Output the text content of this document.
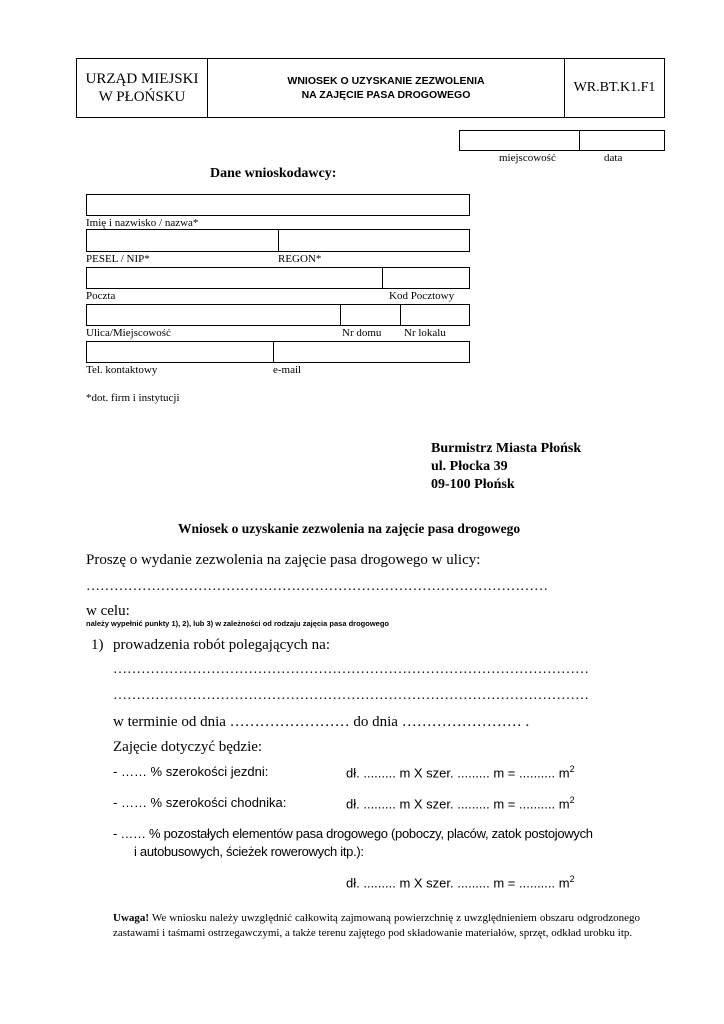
URZĄD MIEJSKI
W PŁOŃSKU
WNIOSEK O UZYSKANIE ZEZWOLENIA
NA ZAJĘCIE PASA DROGOWEGO	WR.BT.K1.F1
miejscowość	data
Dane wnioskodawcy:
Imię i nazwisko / nazwa*
PESEL / NIP*	REGON*
Poczta	Kod Pocztowy
Ulica/Miejscowość	Nr domu Nr lokalu
Tel. kontaktowy	e-mail
*dot. firm i instytucji
Burmistrz Miasta Płońsk
ul. Płocka 39
09-100 Płońsk
Wniosek o uzyskanie zezwolenia na zajęcie pasa drogowego
Proszę o wydanie zezwolenia na zajęcie pasa drogowego w ulicy:
………………………………………………………………………………………
w celu:
należy wypełnić punkty 1), 2), lub 3) w zależności od rodzaju zajęcia pasa drogowego
1) prowadzenia robót polegających na:
…………………………………………………………………………………………
…………………………………………………………………………………………
w terminie od dnia …………………… do dnia …………………… .
Zajęcie dotyczyć będzie:
- …… % szerokości jezdni:	dł. ......... m X szer. ......... m = .......... $m^2$
- …… % szerokości chodnika:	dł. ......... m X szer. ......... m = .......... $m^2$
- …… % pozostałych elementów pasa drogowego (poboczy, placów, zatok postojowych
i autobusowych, ścieżek rowerowych itp.):
dł. ......... m X szer. ......... m = .......... $m^2$
Uwaga! We wniosku należy uwzględnić całkowitą zajmowaną powierzchnię z uwzględnieniem obszaru odgrodzonego zastawami i taśmami ostrzegawczymi, a także terenu zajętego pod składowanie materiałów, sprzęt, odkład urobku itp.
